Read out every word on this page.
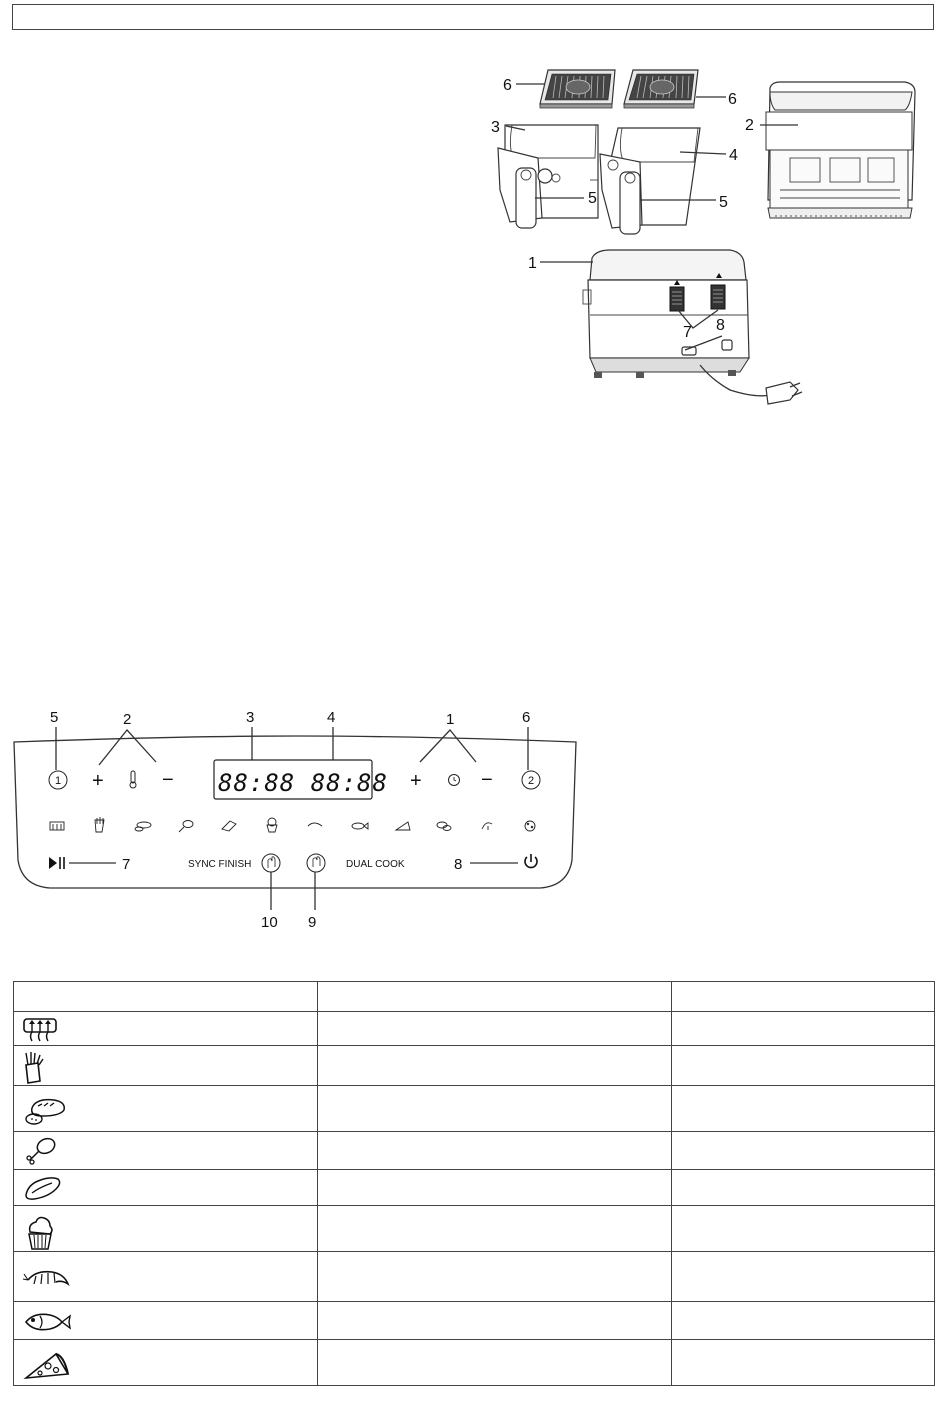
6
6
3
4
5	5
2
1
7 8
5	2	3	4	1	6
7	8
10 9
1 +	− 88:88 88:88 +	−	2
SYNC FINISH	DUAL COOK
